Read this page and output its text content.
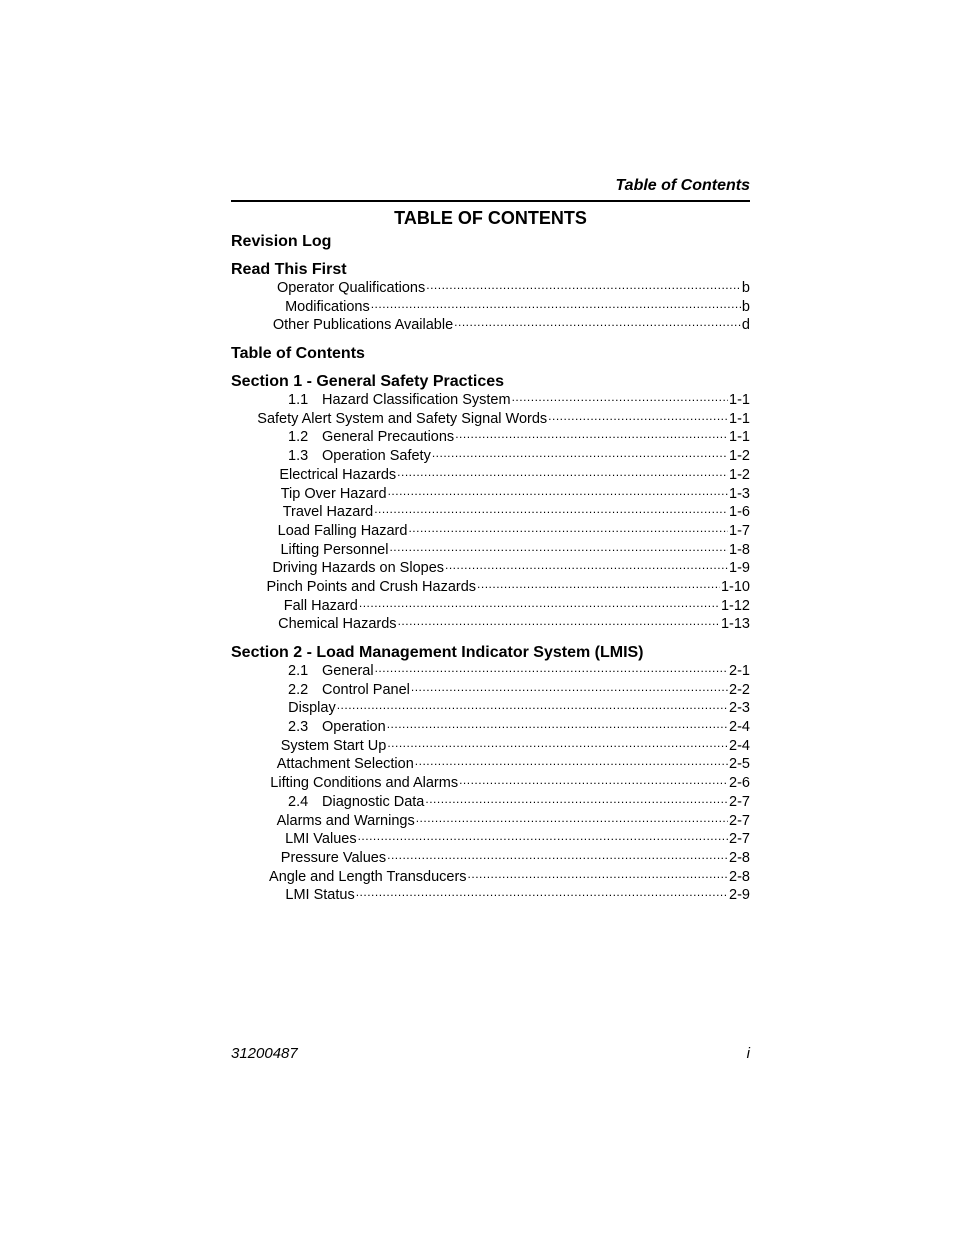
Table of Contents
TABLE OF CONTENTS
Revision Log
Read This First
Operator Qualifications .....	b
Modifications .....	b
Other Publications Available .....	d
Table of Contents
Section 1 - General Safety Practices
1.1 Hazard Classification System .....	1-1
Safety Alert System and Safety Signal Words .....	1-1
1.2 General Precautions .....	1-1
1.3 Operation Safety .....	1-2
Electrical Hazards .....	1-2
Tip Over Hazard .....	1-3
Travel Hazard .....	1-6
Load Falling Hazard .....	1-7
Lifting Personnel .....	1-8
Driving Hazards on Slopes .....	1-9
Pinch Points and Crush Hazards .....	1-10
Fall Hazard .....	1-12
Chemical Hazards .....	1-13
Section 2 - Load Management Indicator System (LMIS)
2.1 General .....	2-1
2.2 Control Panel .....	2-2
Display .....	2-3
2.3 Operation .....	2-4
System Start Up .....	2-4
Attachment Selection .....	2-5
Lifting Conditions and Alarms .....	2-6
2.4 Diagnostic Data .....	2-7
Alarms and Warnings .....	2-7
LMI Values .....	2-7
Pressure Values .....	2-8
Angle and Length Transducers .....	2-8
LMI Status .....	2-9
31200487	i
